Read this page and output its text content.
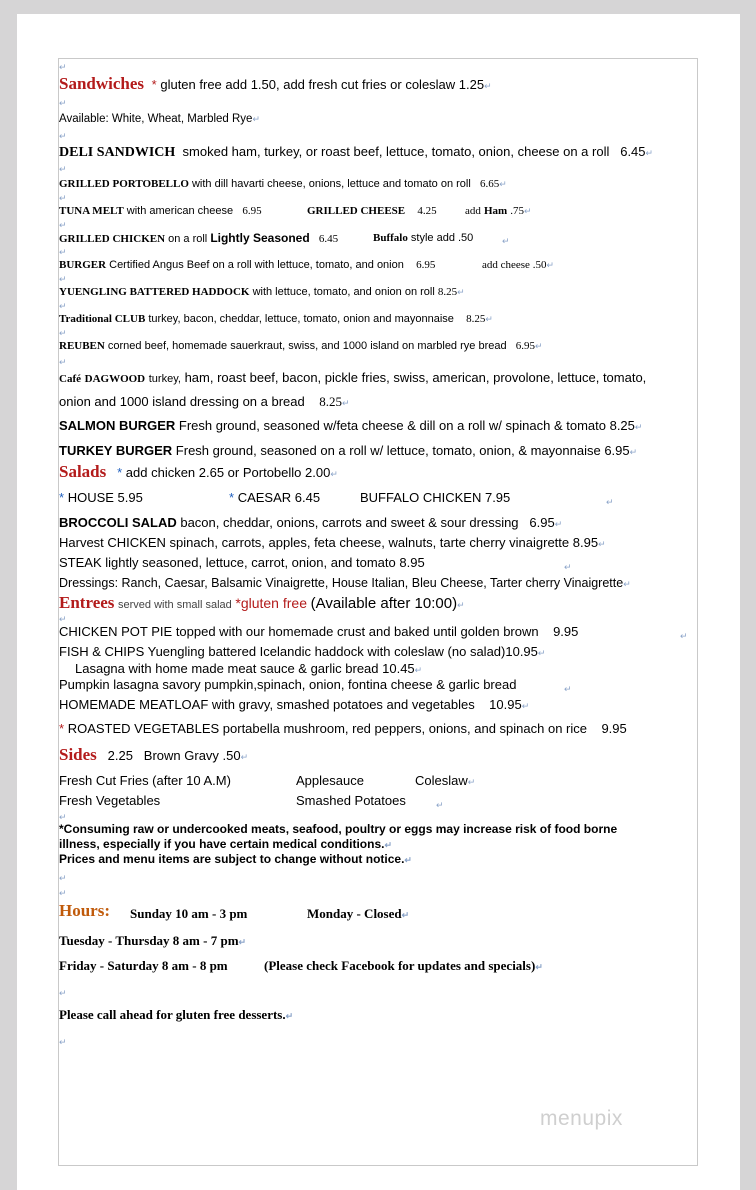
Sandwiches * gluten free add 1.50, add fresh cut fries or coleslaw 1.25↵
Available: White, Wheat, Marbled Rye↵
DELI SANDWICH smoked ham, turkey, or roast beef, lettuce, tomato, onion, cheese on a roll 6.45↵
GRILLED PORTOBELLO with dill havarti cheese, onions, lettuce and tomato on roll 6.65↵
TUNA MELT with american cheese 6.95	GRILLED CHEESE 4.25	add Ham .75↵
GRILLED CHICKEN on a roll Lightly Seasoned 6.45	Buffalo style add .50
BURGER Certified Angus Beef on a roll with lettuce, tomato, and onion 6.95	add cheese .50↵
YUENGLING BATTERED HADDOCK with lettuce, tomato, and onion on roll 8.25↵
Traditional CLUB turkey, bacon, cheddar, lettuce, tomato, onion and mayonnaise 8.25↵
REUBEN corned beef, homemade sauerkraut, swiss, and 1000 island on marbled rye bread 6.95↵
Café DAGWOOD turkey, ham, roast beef, bacon, pickle fries, swiss, american, provolone, lettuce, tomato,
onion and 1000 island dressing on a bread 8.25↵
SALMON BURGER Fresh ground, seasoned w/feta cheese & dill on a roll w/ spinach & tomato 8.25↵
TURKEY BURGER Fresh ground, seasoned on a roll w/ lettuce, tomato, onion, & mayonnaise 6.95↵
Salads * add chicken 2.65 or Portobello 2.00↵
* HOUSE 5.95	* CAESAR 6.45	BUFFALO CHICKEN 7.95
BROCCOLI SALAD bacon, cheddar, onions, carrots and sweet & sour dressing 6.95↵
Harvest CHICKEN spinach, carrots, apples, feta cheese, walnuts, tarte cherry vinaigrette 8.95↵
STEAK lightly seasoned, lettuce, carrot, onion, and tomato 8.95
Dressings: Ranch, Caesar, Balsamic Vinaigrette, House Italian, Bleu Cheese, Tarter cherry Vinaigrette↵
Entrees served with small salad *gluten free (Available after 10:00)↵
CHICKEN POT PIE topped with our homemade crust and baked until golden brown 9.95
FISH & CHIPS Yuengling battered Icelandic haddock with coleslaw (no salad)10.95↵
Lasagna with home made meat sauce & garlic bread 10.45↵
Pumpkin lasagna savory pumpkin,spinach, onion, fontina cheese & garlic bread
HOMEMADE MEATLOAF with gravy, smashed potatoes and vegetables 10.95↵
* ROASTED VEGETABLES portabella mushroom, red peppers, onions, and spinach on rice 9.95
Sides 2.25 Brown Gravy .50↵
Fresh Cut Fries (after 10 A.M)	Applesauce	Coleslaw↵
Fresh Vegetables	Smashed Potatoes
*Consuming raw or undercooked meats, seafood, poultry or eggs may increase risk of food borne
illness, especially if you have certain medical conditions.↵
Prices and menu items are subject to change without notice.↵
Hours: Sunday 10 am - 3 pm	Monday - Closed↵
Tuesday - Thursday 8 am - 7 pm↵
Friday - Saturday 8 am - 8 pm	(Please check Facebook for updates and specials)↵
Please call ahead for gluten free desserts.↵
↵
↵
↵
↵
↵
↵
↵
↵
↵
↵
↵
↵
↵
↵
↵
↵
↵
↵
↵
↵
↵
↵
↵
menupix
